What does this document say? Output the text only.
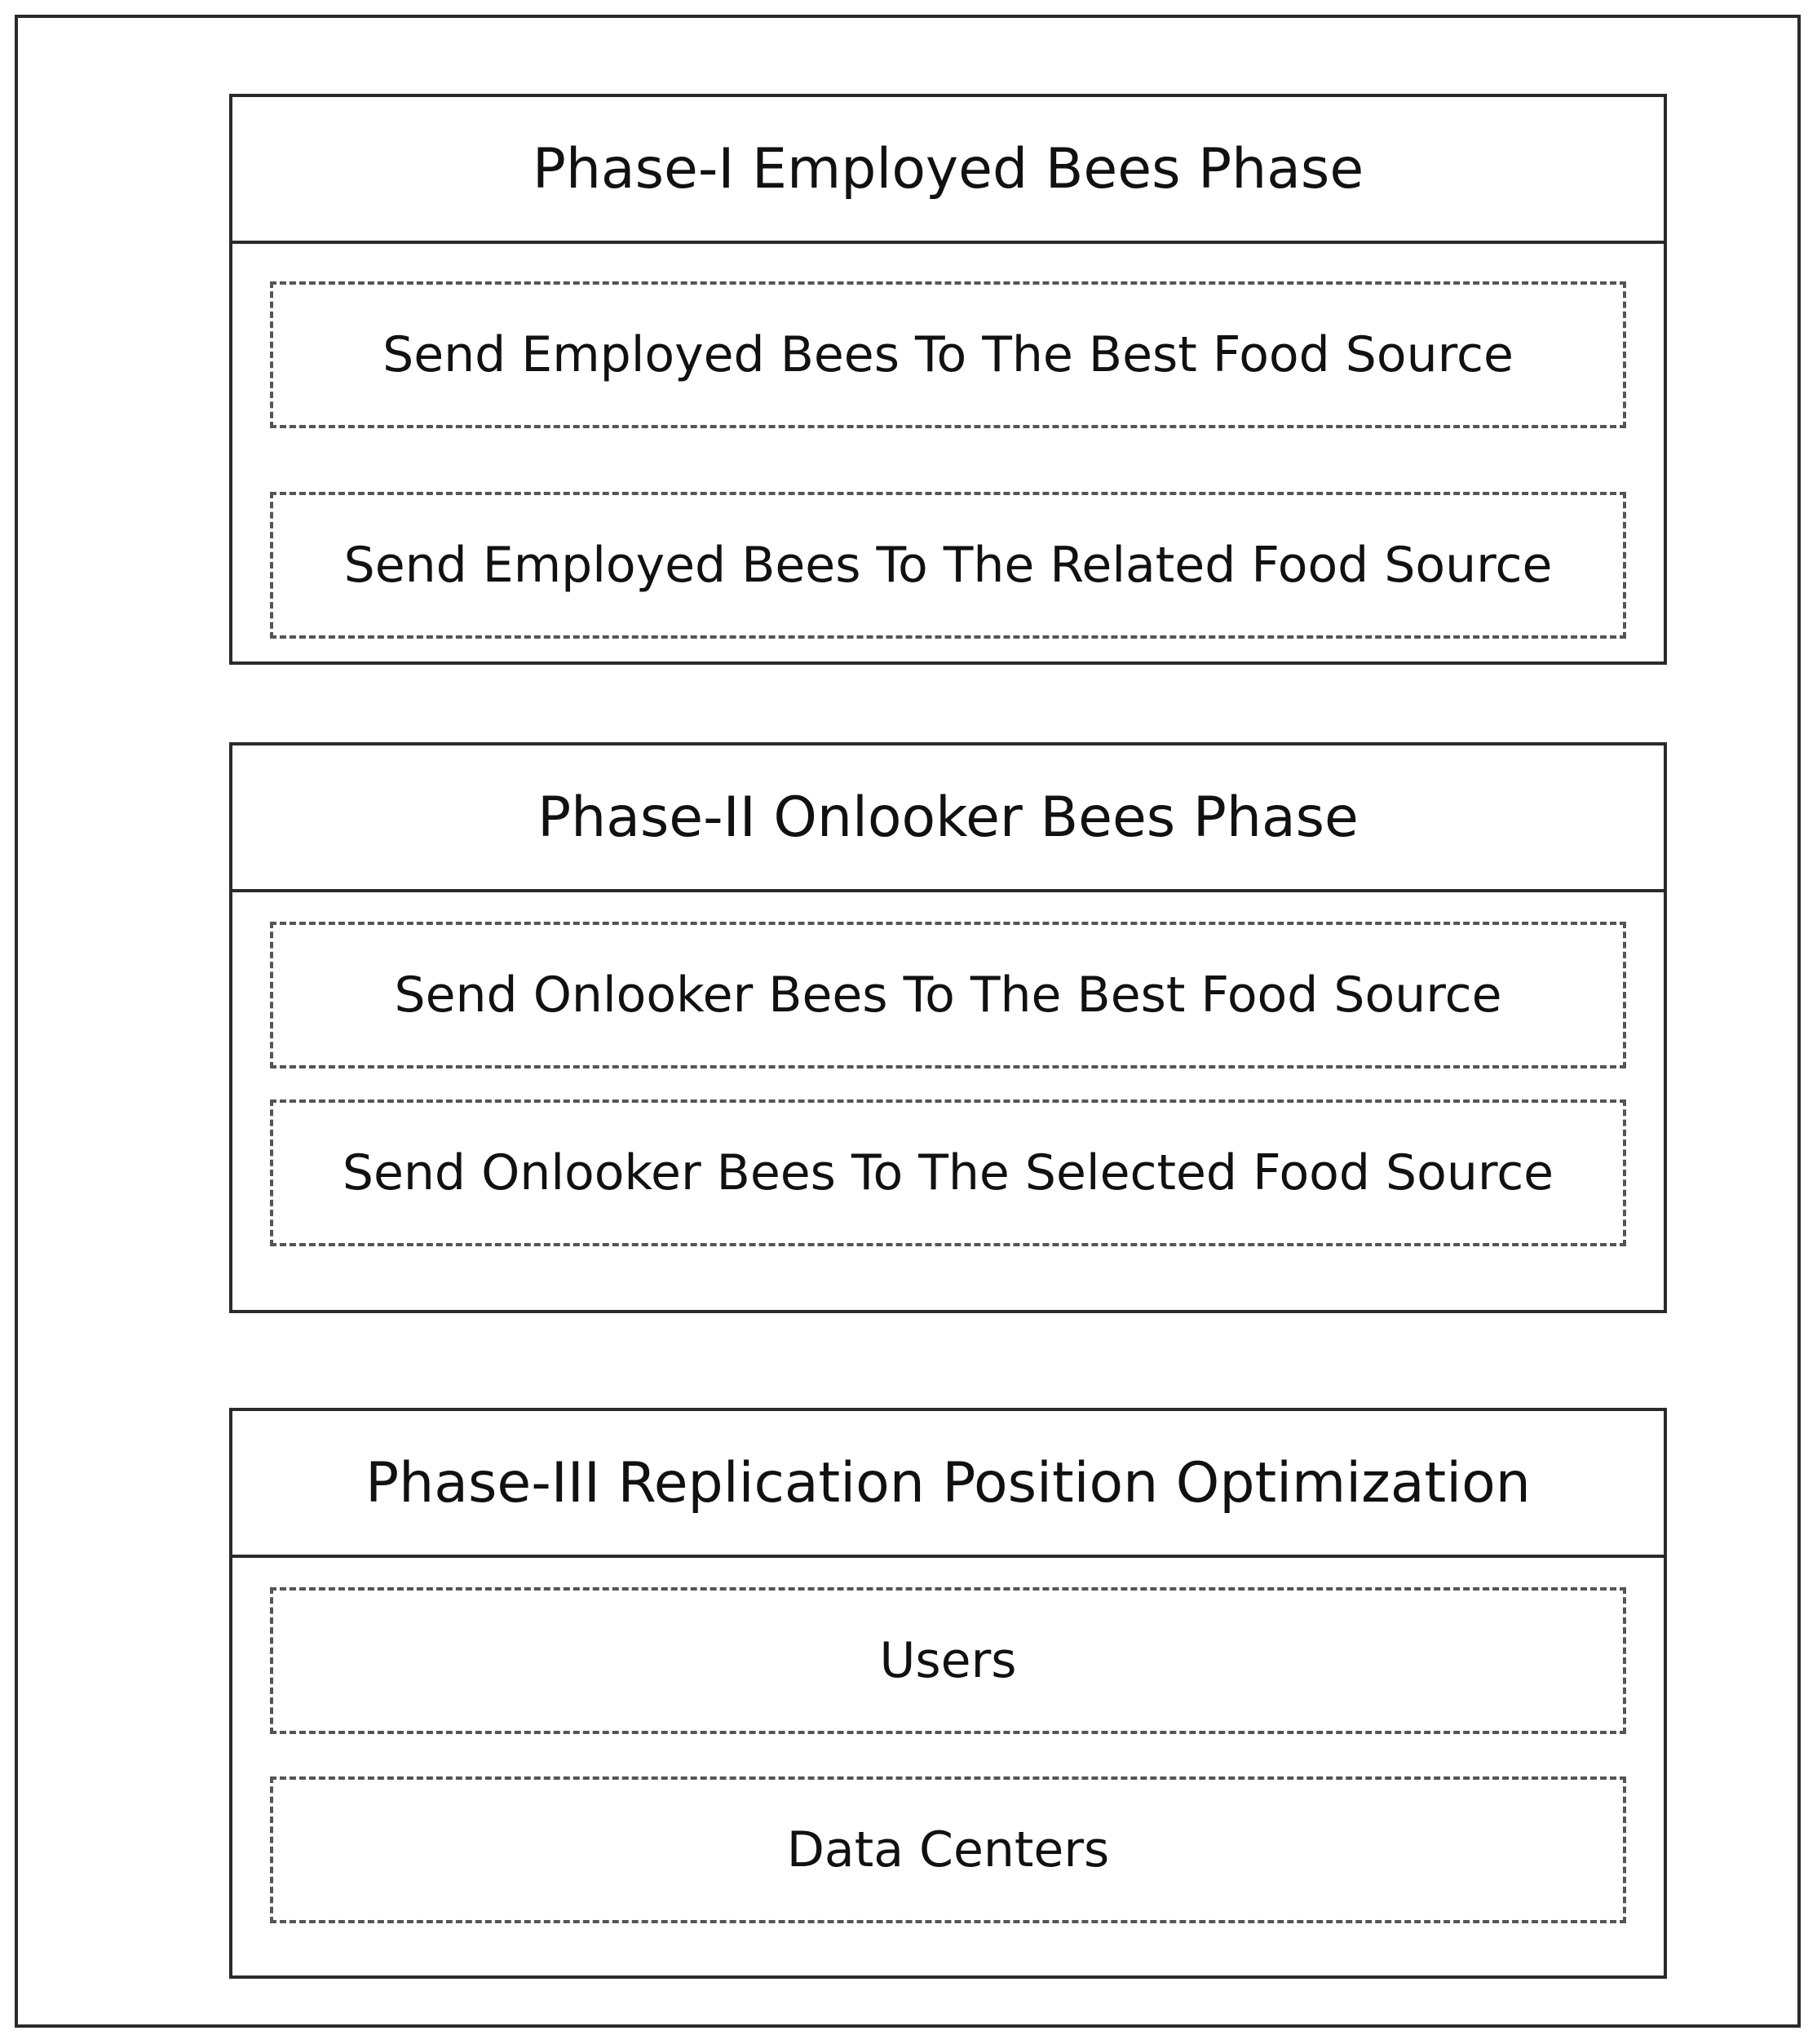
Phase-I Employed Bees Phase
Send Employed Bees To The Best Food Source
Send Employed Bees To The Related Food Source
Phase-II Onlooker Bees Phase
Send Onlooker Bees To The Best Food Source
Send Onlooker Bees To The Selected Food Source
Phase-III Replication Position Optimization
Users
Data Centers
